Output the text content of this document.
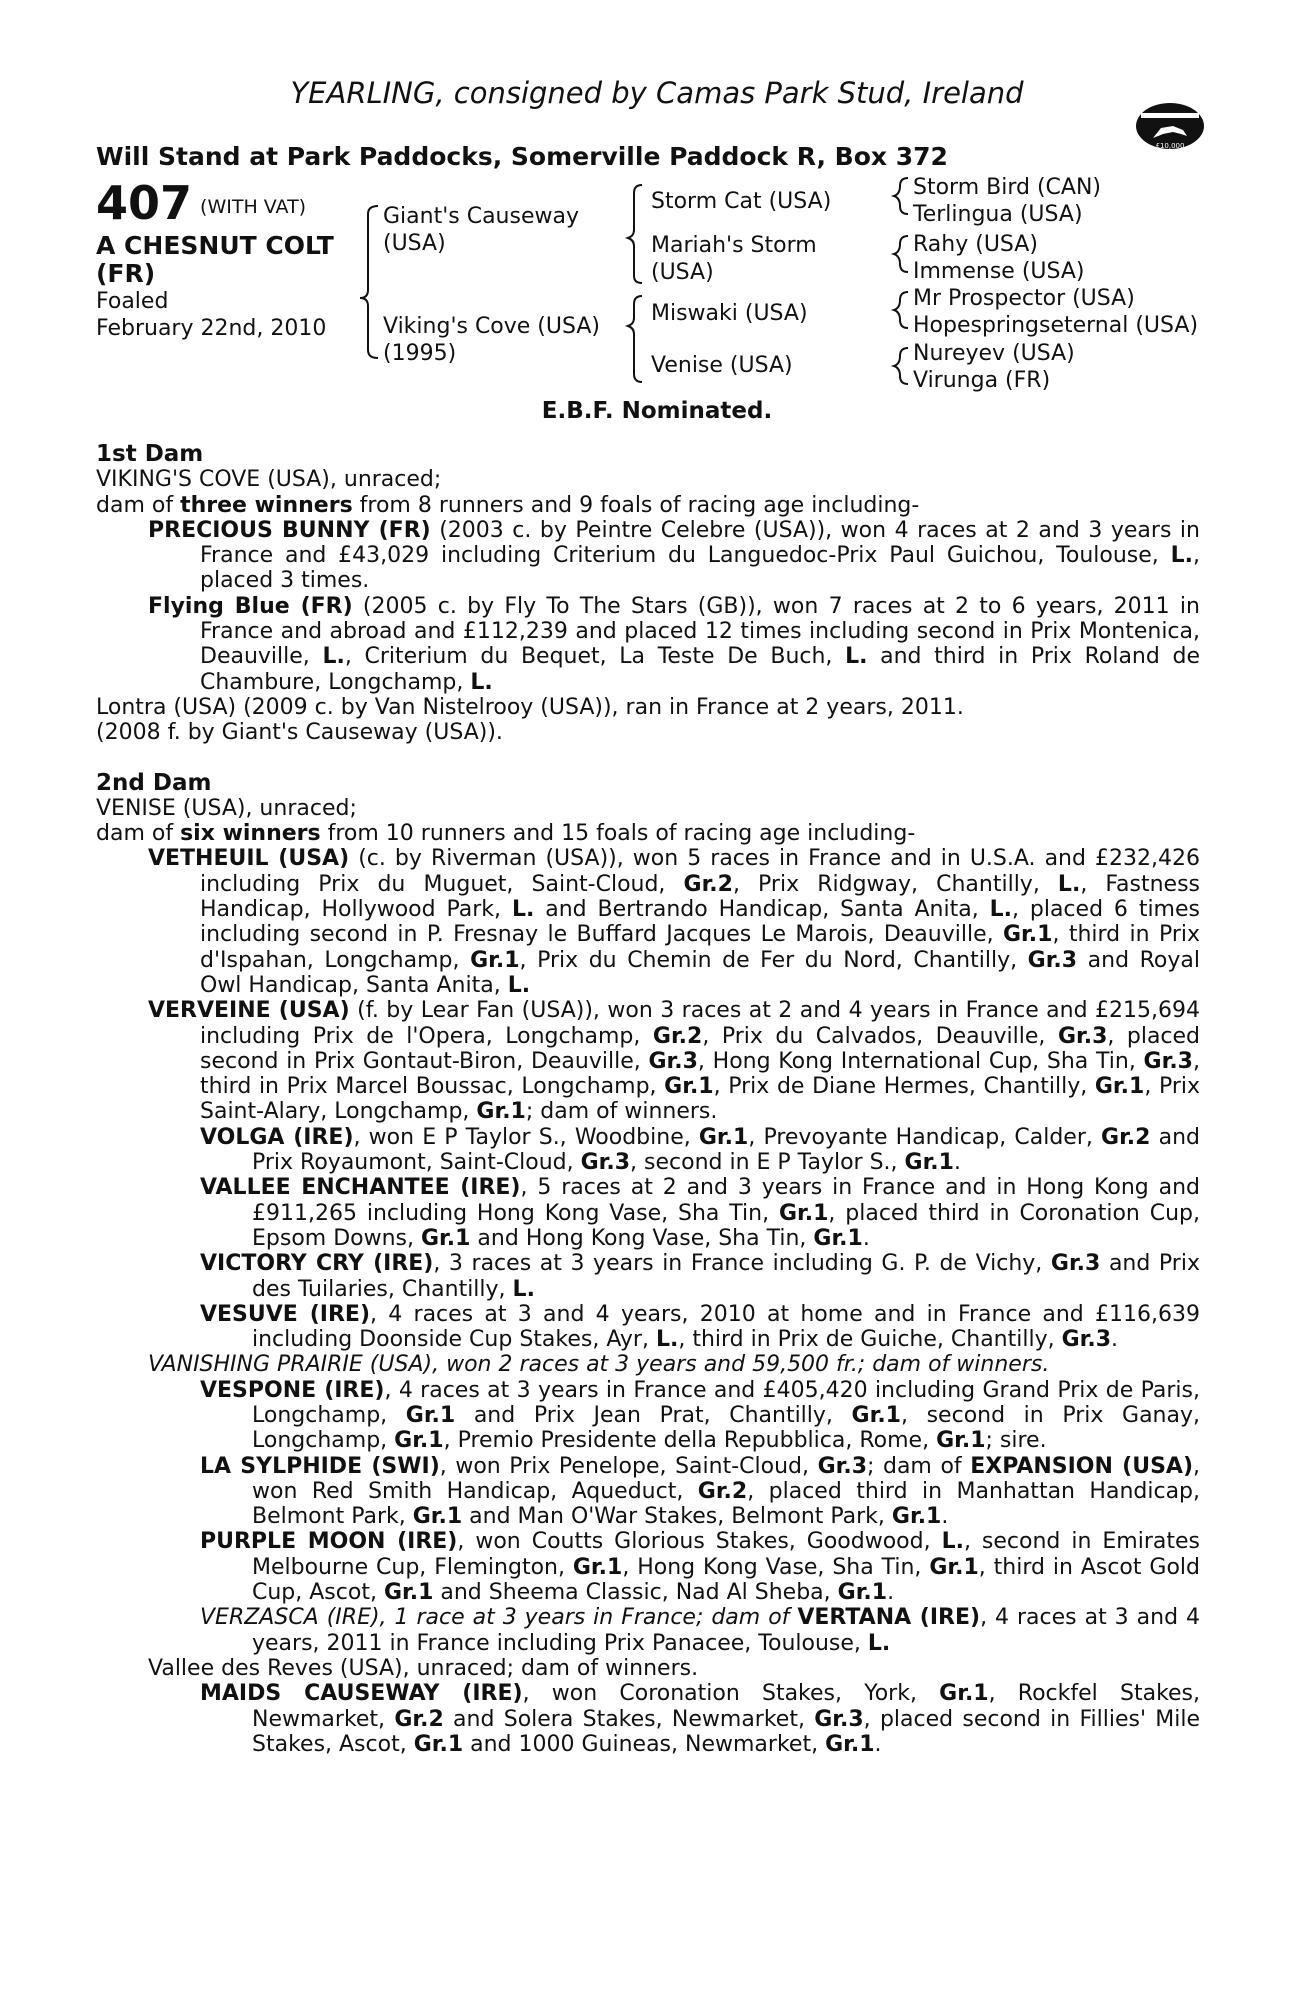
YEARLING, consigned by Camas Park Stud, Ireland
£10,000
Will Stand at Park Paddocks, Somerville Paddock R, Box 372
407 (WITH VAT)
A CHESNUT COLT
(FR)
Foaled
February 22nd, 2010
Giant's Causeway
(USA)
Viking's Cove (USA)
(1995)
Storm Cat (USA)
Mariah's Storm
(USA)
Miswaki (USA)
Venise (USA)
Storm Bird (CAN)
Terlingua (USA)
Rahy (USA)
Immense (USA)
Mr Prospector (USA)
Hopespringseternal (USA)
Nureyev (USA)
Virunga (FR)
E.B.F. Nominated.

1st Dam

VIKING'S COVE (USA), unraced;
dam of three winners from 8 runners and 9 foals of racing age including-

PRECIOUS BUNNY (FR) (2003 c. by Peintre Celebre (USA)), won 4 races at 2 and 3 years in France and £43,029 including Criterium du Languedoc-Prix Paul Guichou, Toulouse, L., placed 3 times.

Flying Blue (FR) (2005 c. by Fly To The Stars (GB)), won 7 races at 2 to 6 years, 2011 in France and abroad and £112,239 and placed 12 times including second in Prix Montenica, Deauville, L., Criterium du Bequet, La Teste De Buch, L. and third in Prix Roland de Chambure, Longchamp, L.

Lontra (USA) (2009 c. by Van Nistelrooy (USA)), ran in France at 2 years, 2011.

(2008 f. by Giant's Causeway (USA)).

2nd Dam

VENISE (USA), unraced;
dam of six winners from 10 runners and 15 foals of racing age including-

VETHEUIL (USA) (c. by Riverman (USA)), won 5 races in France and in U.S.A. and £232,426 including Prix du Muguet, Saint-Cloud, Gr.2, Prix Ridgway, Chantilly, L., Fastness Handicap, Hollywood Park, L. and Bertrando Handicap, Santa Anita, L., placed 6 times including second in P. Fresnay le Buffard Jacques Le Marois, Deauville, Gr.1, third in Prix d'Ispahan, Longchamp, Gr.1, Prix du Chemin de Fer du Nord, Chantilly, Gr.3 and Royal Owl Handicap, Santa Anita, L.

VERVEINE (USA) (f. by Lear Fan (USA)), won 3 races at 2 and 4 years in France and £215,694 including Prix de l'Opera, Longchamp, Gr.2, Prix du Calvados, Deauville, Gr.3, placed second in Prix Gontaut-Biron, Deauville, Gr.3, Hong Kong International Cup, Sha Tin, Gr.3, third in Prix Marcel Boussac, Longchamp, Gr.1, Prix de Diane Hermes, Chantilly, Gr.1, Prix Saint-Alary, Longchamp, Gr.1; dam of winners.

VOLGA (IRE), won E P Taylor S., Woodbine, Gr.1, Prevoyante Handicap, Calder, Gr.2 and Prix Royaumont, Saint-Cloud, Gr.3, second in E P Taylor S., Gr.1.

VALLEE ENCHANTEE (IRE), 5 races at 2 and 3 years in France and in Hong Kong and £911,265 including Hong Kong Vase, Sha Tin, Gr.1, placed third in Coronation Cup, Epsom Downs, Gr.1 and Hong Kong Vase, Sha Tin, Gr.1.

VICTORY CRY (IRE), 3 races at 3 years in France including G. P. de Vichy, Gr.3 and Prix des Tuilaries, Chantilly, L.

VESUVE (IRE), 4 races at 3 and 4 years, 2010 at home and in France and £116,639 including Doonside Cup Stakes, Ayr, L., third in Prix de Guiche, Chantilly, Gr.3.

VANISHING PRAIRIE (USA), won 2 races at 3 years and 59,500 fr.; dam of winners.

VESPONE (IRE), 4 races at 3 years in France and £405,420 including Grand Prix de Paris, Longchamp, Gr.1 and Prix Jean Prat, Chantilly, Gr.1, second in Prix Ganay, Longchamp, Gr.1, Premio Presidente della Repubblica, Rome, Gr.1; sire.

LA SYLPHIDE (SWI), won Prix Penelope, Saint-Cloud, Gr.3; dam of EXPANSION (USA), won Red Smith Handicap, Aqueduct, Gr.2, placed third in Manhattan Handicap, Belmont Park, Gr.1 and Man O'War Stakes, Belmont Park, Gr.1.

PURPLE MOON (IRE), won Coutts Glorious Stakes, Goodwood, L., second in Emirates Melbourne Cup, Flemington, Gr.1, Hong Kong Vase, Sha Tin, Gr.1, third in Ascot Gold Cup, Ascot, Gr.1 and Sheema Classic, Nad Al Sheba, Gr.1.

VERZASCA (IRE), 1 race at 3 years in France; dam of VERTANA (IRE), 4 races at 3 and 4 years, 2011 in France including Prix Panacee, Toulouse, L.

Vallee des Reves (USA), unraced; dam of winners.

MAIDS CAUSEWAY (IRE), won Coronation Stakes, York, Gr.1, Rockfel Stakes, Newmarket, Gr.2 and Solera Stakes, Newmarket, Gr.3, placed second in Fillies' Mile Stakes, Ascot, Gr.1 and 1000 Guineas, Newmarket, Gr.1.
